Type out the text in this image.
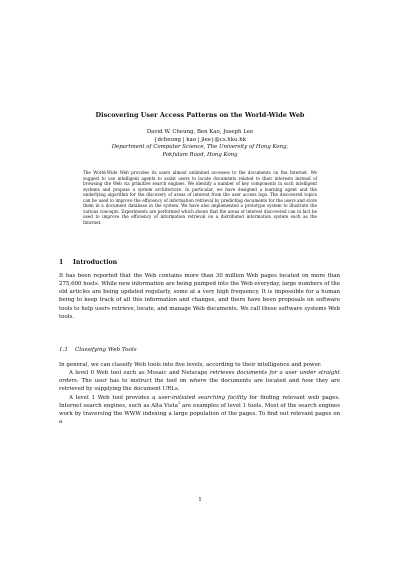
Discovering User Access Patterns on the World-Wide Web
David W. Cheung, Ben Kao, Joseph Lee
{dcheung | kao | jlee}@cs.hku.hk
Department of Computer Science, The University of Hong Kong,
Pokfulam Road, Hong Kong

The World-Wide Web provides its users almost unlimited accesses to the documents on the Internet. We suggest to use intelligent agents to assist users to locate documents related to their interests instead of browsing the Web via primitive search engines. We identify a number of key components in such intelligent systems and propose a system architecture. In particular, we have designed a learning agent and the underlying algorithm for the discovery of areas of interest from the user access logs. The discovered topics can be used to improve the efficiency of information retrieval by predicting documents for the users and store them in a document database in the system. We have also implemented a prototype system to illustrate the various concepts. Experiments are performed which shows that the areas of interest discovered can in fact be used to improve the efficiency of information retrieval on a distributed information system such as the Internet.

1 Introduction

It has been reported that the Web contains more than 30 million Web pages located on more than 275,600 hosts. While new information are being pumped into the Web everyday, large numbers of the old articles are being updated regularly, some at a very high frequency. It is impossible for a human being to keep track of all this information and changes, and there have been proposals on software tools to help users retrieve, locate, and manage Web documents. We call these software systems Web tools.

1.1 Classifying Web Tools

In general, we can classify Web tools into five levels, according to their intelligence and power.

A level 0 Web tool such as Mosaic and Netscape retrieves documents for a user under straight orders. The user has to instruct the tool on where the documents are located and how they are retrieved by supplying the document URLs.

A level 1 Web tool provides a user-initiated searching facility for finding relevant web pages. Internet search engines, such as Alta Vista$^1$ are examples of level 1 tools. Most of the search engines work by traversing the WWW indexing a large population of the pages. To find out relevant pages on a

1
